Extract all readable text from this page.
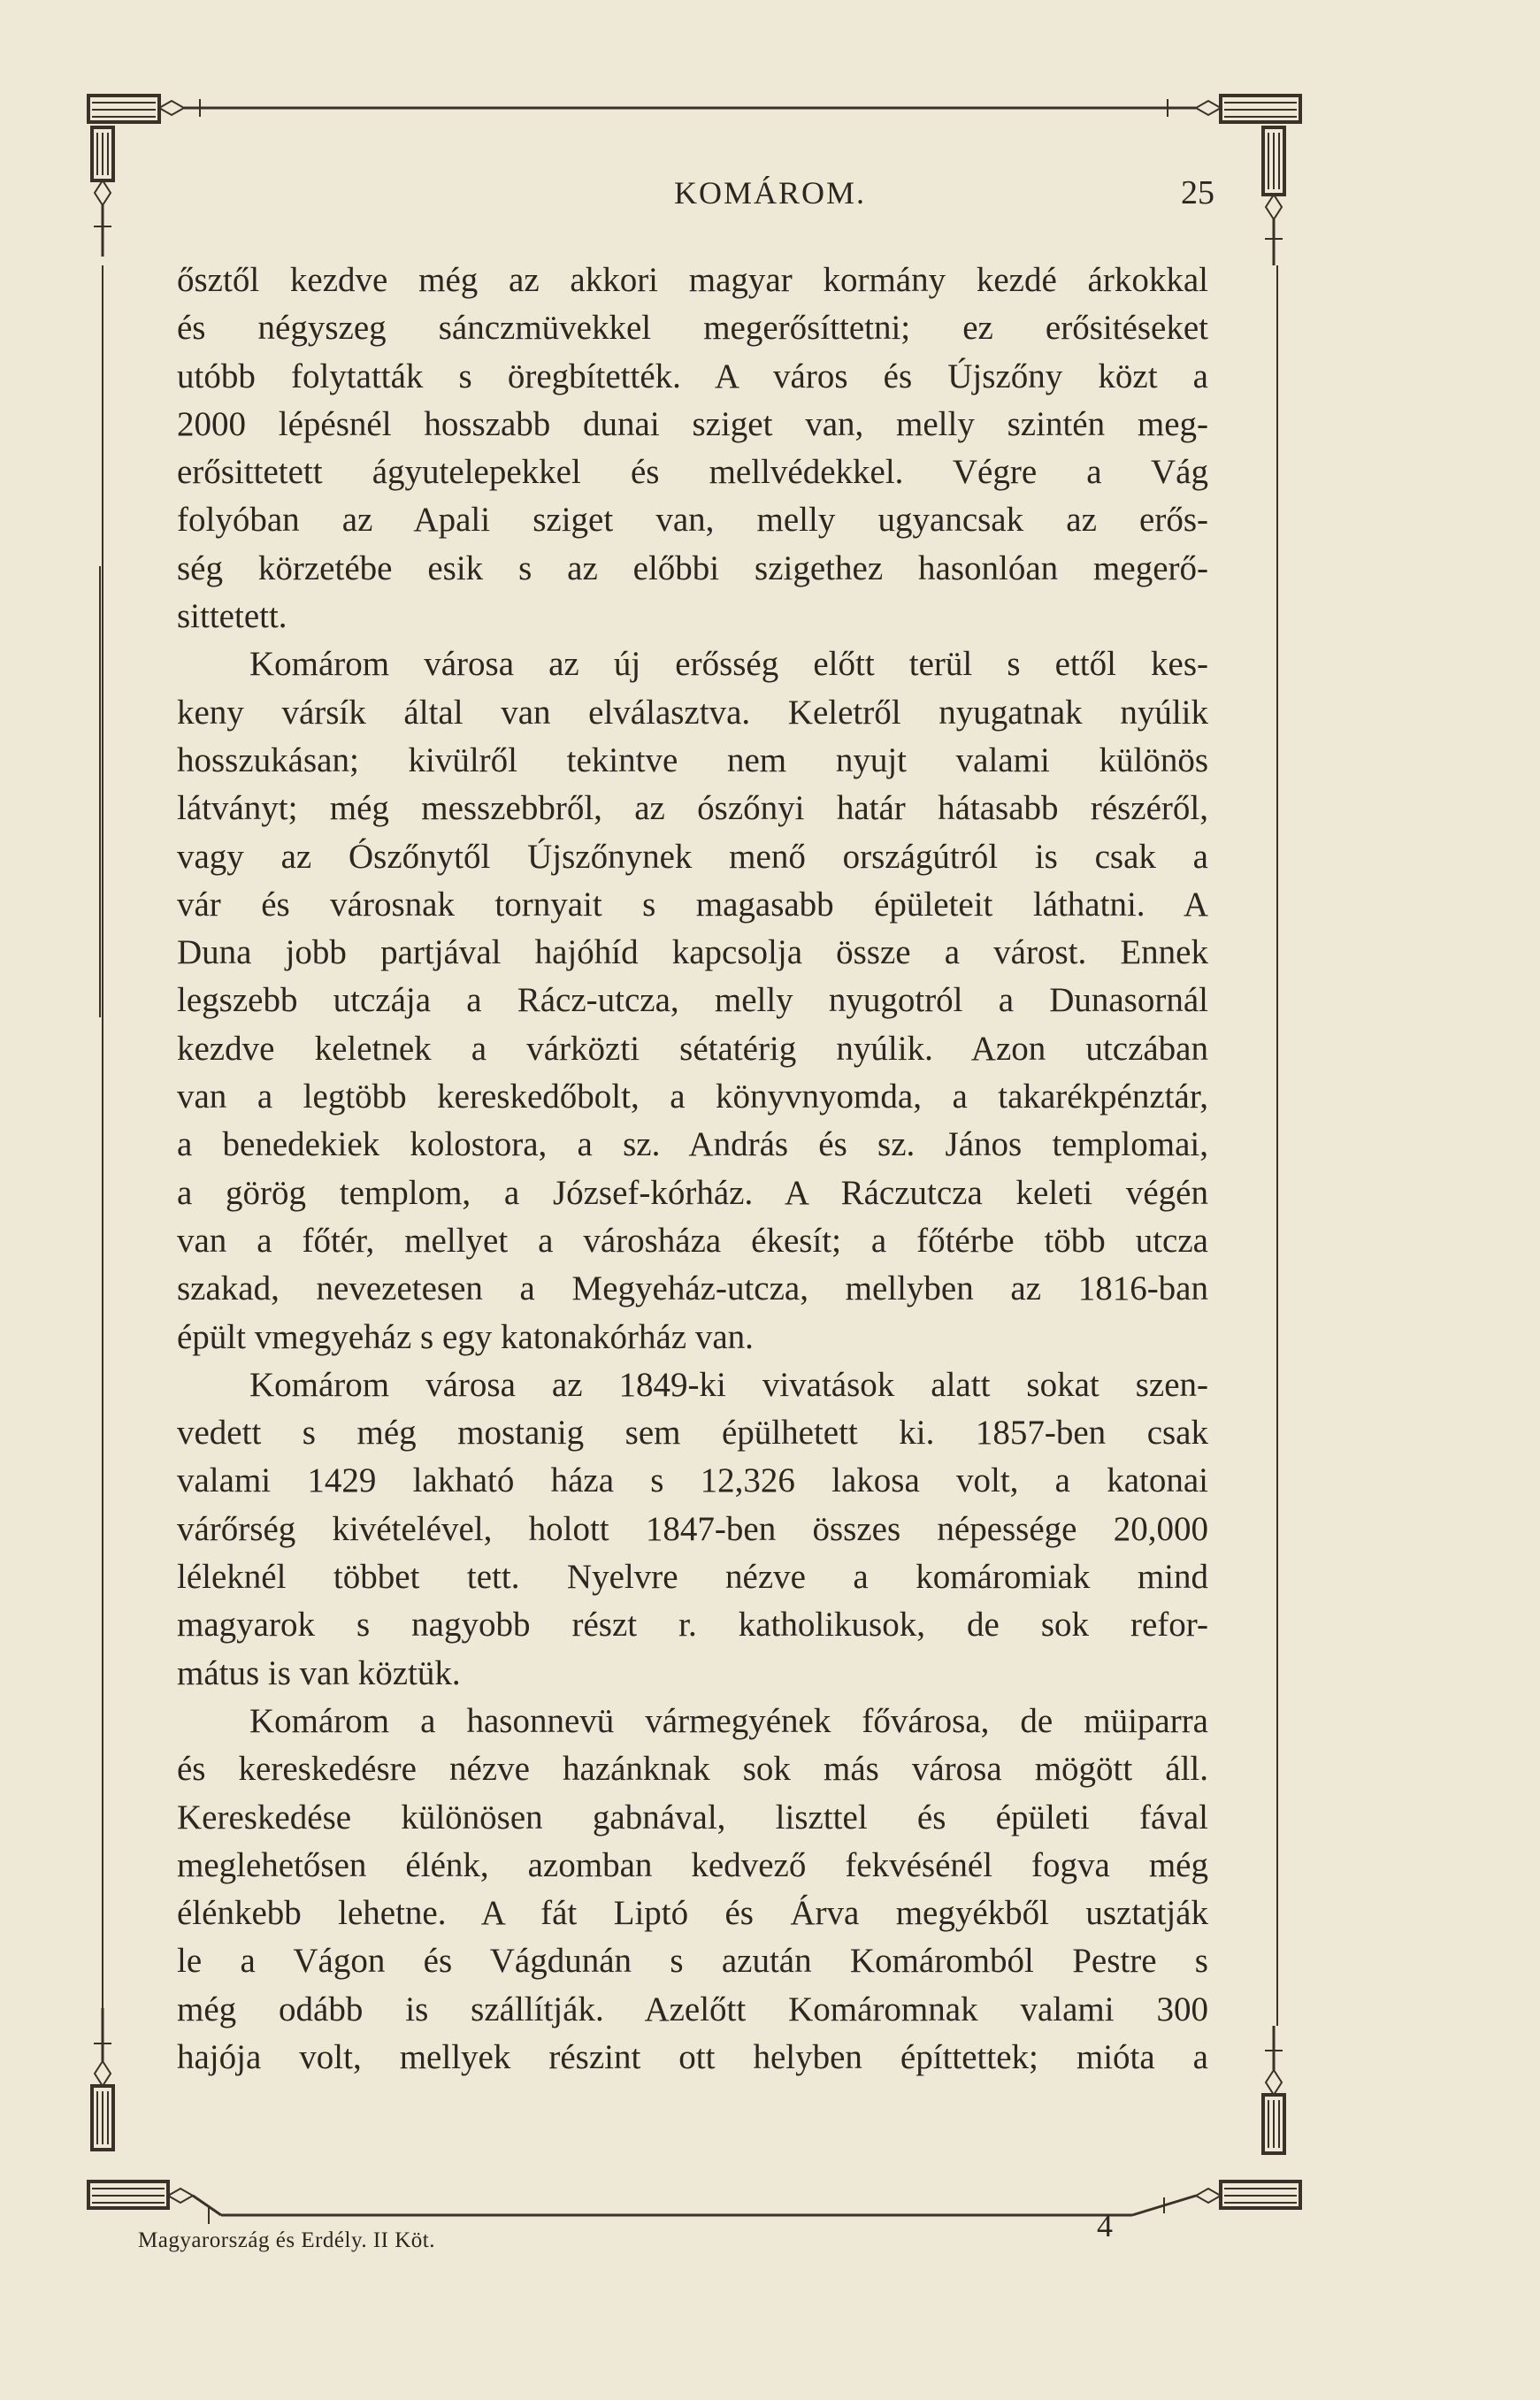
KOMÁROM.	25
ősztől kezdve még az akkori magyar kormány kezdé árkokkal
és négyszeg sánczmüvekkel megerősíttetni; ez erősitéseket
utóbb folytatták s öregbítették. A város és Újszőny közt a
2000 lépésnél hosszabb dunai sziget van, melly szintén meg-
erősittetett ágyutelepekkel és mellvédekkel. Végre a Vág
folyóban az Apali sziget van, melly ugyancsak az erős-
ség körzetébe esik s az előbbi szigethez hasonlóan megerő-
sittetett.
Komárom városa az új erősség előtt terül s ettől kes-
keny vársík által van elválasztva. Keletről nyugatnak nyúlik
hosszukásan; kivülről tekintve nem nyujt valami különös
látványt; még messzebbről, az ószőnyi határ hátasabb részéről,
vagy az Ószőnytől Újszőnynek menő országútról is csak a
vár és városnak tornyait s magasabb épületeit láthatni. A
Duna jobb partjával hajóhíd kapcsolja össze a várost. Ennek
legszebb utczája a Rácz-utcza, melly nyugotról a Dunasornál
kezdve keletnek a várközti sétatérig nyúlik. Azon utczában
van a legtöbb kereskedőbolt, a könyvnyomda, a takarékpénztár,
a benedekiek kolostora, a sz. András és sz. János templomai,
a görög templom, a József-kórház. A Ráczutcza keleti végén
van a főtér, mellyet a városháza ékesít; a főtérbe több utcza
szakad, nevezetesen a Megyeház-utcza, mellyben az 1816-ban
épült vmegyeház s egy katonakórház van.
Komárom városa az 1849-ki vivatások alatt sokat szen-
vedett s még mostanig sem épülhetett ki. 1857-ben csak
valami 1429 lakható háza s 12,326 lakosa volt, a katonai
várőrség kivételével, holott 1847-ben összes népessége 20,000
léleknél többet tett. Nyelvre nézve a komáromiak mind
magyarok s nagyobb részt r. katholikusok, de sok refor-
mátus is van köztük.
Komárom a hasonnevü vármegyének fővárosa, de müiparra
és kereskedésre nézve hazánknak sok más városa mögött áll.
Kereskedése különösen gabnával, liszttel és épületi fával
meglehetősen élénk, azomban kedvező fekvésénél fogva még
élénkebb lehetne. A fát Liptó és Árva megyékből usztatják
le a Vágon és Vágdunán s azután Komáromból Pestre s
még odább is szállítják. Azelőtt Komáromnak valami 300
hajója volt, mellyek részint ott helyben építtettek; mióta a
Magyarország és Erdély. II Köt.	4
